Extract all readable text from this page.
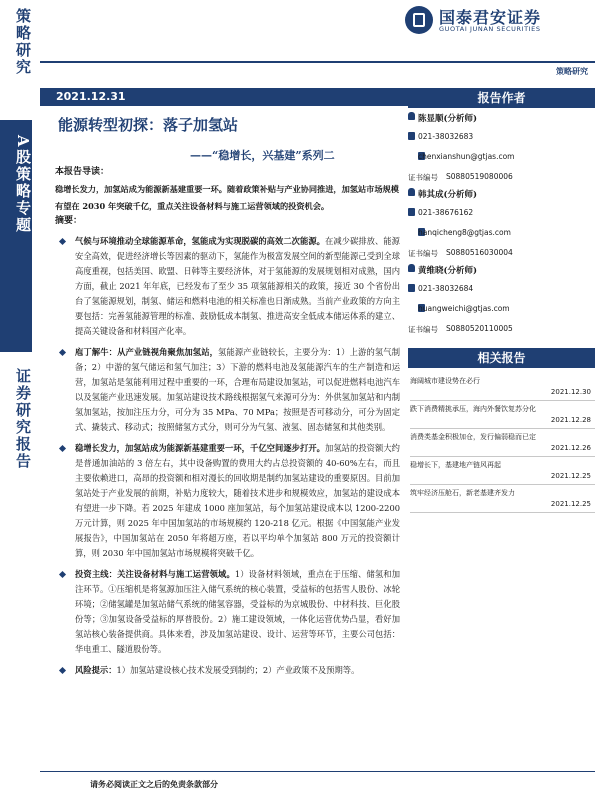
策略研究
A股策略专题
证券研究报告
国泰君安证券
GUOTAI JUNAN SECURITIES
策略研究
2021.12.31
能源转型初探：落子加氢站
——“稳增长，兴基建”系列二
本报告导读：
稳增长发力，加氢站成为能源新基建重要一环。随着政策补贴与产业协同推进，加氢站市场规模有望在 2030 年突破千亿，重点关注设备材料与施工运营领域的投资机会。
摘要：
气候与环境推动全球能源革命，氢能成为实现脱碳的高效二次能源。在减少碳排放、能源安全高效，促进经济增长等因素的驱动下，氢能作为极富发展空间的新型能源己受到全球高度重视，包括美国、欧盟、日韩等主要经济体，对于氢能源的发展规划相对成熟，国内方面，截止 2021 年年底，已经发布了至少 35 项氢能源相关的政策，接近 30 个省份出台了氢能源规划，制氢、储运和燃料电池的相关标准也日渐成熟。当前产业政策的方向主要包括：完善氢能源管理的标准、鼓励低成本制氢、推进高安全低成本储运体系的建立、提高关键设备和材料国产化率。
庖丁解牛：从产业链视角聚焦加氢站，氢能源产业链较长，主要分为：1）上游的氢气制备；2）中游的氢气储运和氢气加注；3）下游的燃料电池及氢能源汽车的生产制造和运营，加氢站是氢能利用过程中重要的一环，合理布局建设加氢站，可以促进燃料电池汽车以及氢能产业迅速发展。加氢站建设技术路线根据氢气来源可分为：外供氢加氢站和内制氢加氢站，按加注压力分，可分为 35 MPa、70 MPa；按照是否可移动分，可分为固定式、撬装式、移动式；按照储氢方式分，则可分为气氢、液氢、固态储氢和其他类别。
稳增长发力，加氢站成为能源新基建重要一环，千亿空间逐步打开。加氢站的投资额大约是普通加油站的 3 倍左右，其中设备购置的费用大约占总投资额的 40-60%左右，而且主要依赖进口，高昂的投资额和相对漫长的回收期是制约加氢站建设的重要原因。目前加氢站处于产业发展的前期，补贴力度较大，随着技术进步和规模效应，加氢站的建设成本有望进一步下降。若 2025 年建成 1000 座加氢站，每个加氢站建设成本以 1200-2200 万元计算，则 2025 年中国加氢站的市场规模约 120-218 亿元。根据《中国氢能产业发展报告》，中国加氢站在 2050 年将超万座，若以平均单个加氢站 800 万元的投资额计算，则 2030 年中国加氢站市场规模将突破千亿。
投资主线：关注设备材料与施工运营领域。1）设备材料领域，重点在于压缩、储氢和加注环节。①压缩机是将氢源加压注入储气系统的核心装置，受益标的包括雪人股份、冰轮环境；②储氢罐是加氢站储气系统的储氢容器，受益标的为京城股份、中材科技、巨化股份等；③加氢设备受益标的厚普股份。2）施工建设领域，一体化运营优势凸显，看好加氢站核心装备提供商。具体来看，涉及加氢站建设、设计、运营等环节，主要公司包括：华电重工、隧道股份等。
风险提示：1）加氢站建设核心技术发展受到制约；2）产业政策不及预期等。
报告作者
陈显顺(分析师)
021-38032683
chenxianshun@gtjas.com
证书编号 S0880519080006
韩其成(分析师)
021-38676162
hanqicheng8@gtjas.com
证书编号 S0880516030004
黄维晓(分析师)
021-38032684
huangweichi@gtjas.com
证书编号 S0880520110005
相关报告
海阔城市建设势在必行
2021.12.30
跌下消费精挑承压，海内外餐饮复苏分化
2021.12.28
消费类基金积极加仓，发行偏弱稳而已定
2021.12.26
稳增长下，基建地产链风再起
2021.12.25
筑牢经济压舱石，新老基建齐发力
2021.12.25
请务必阅读正文之后的免责条款部分
